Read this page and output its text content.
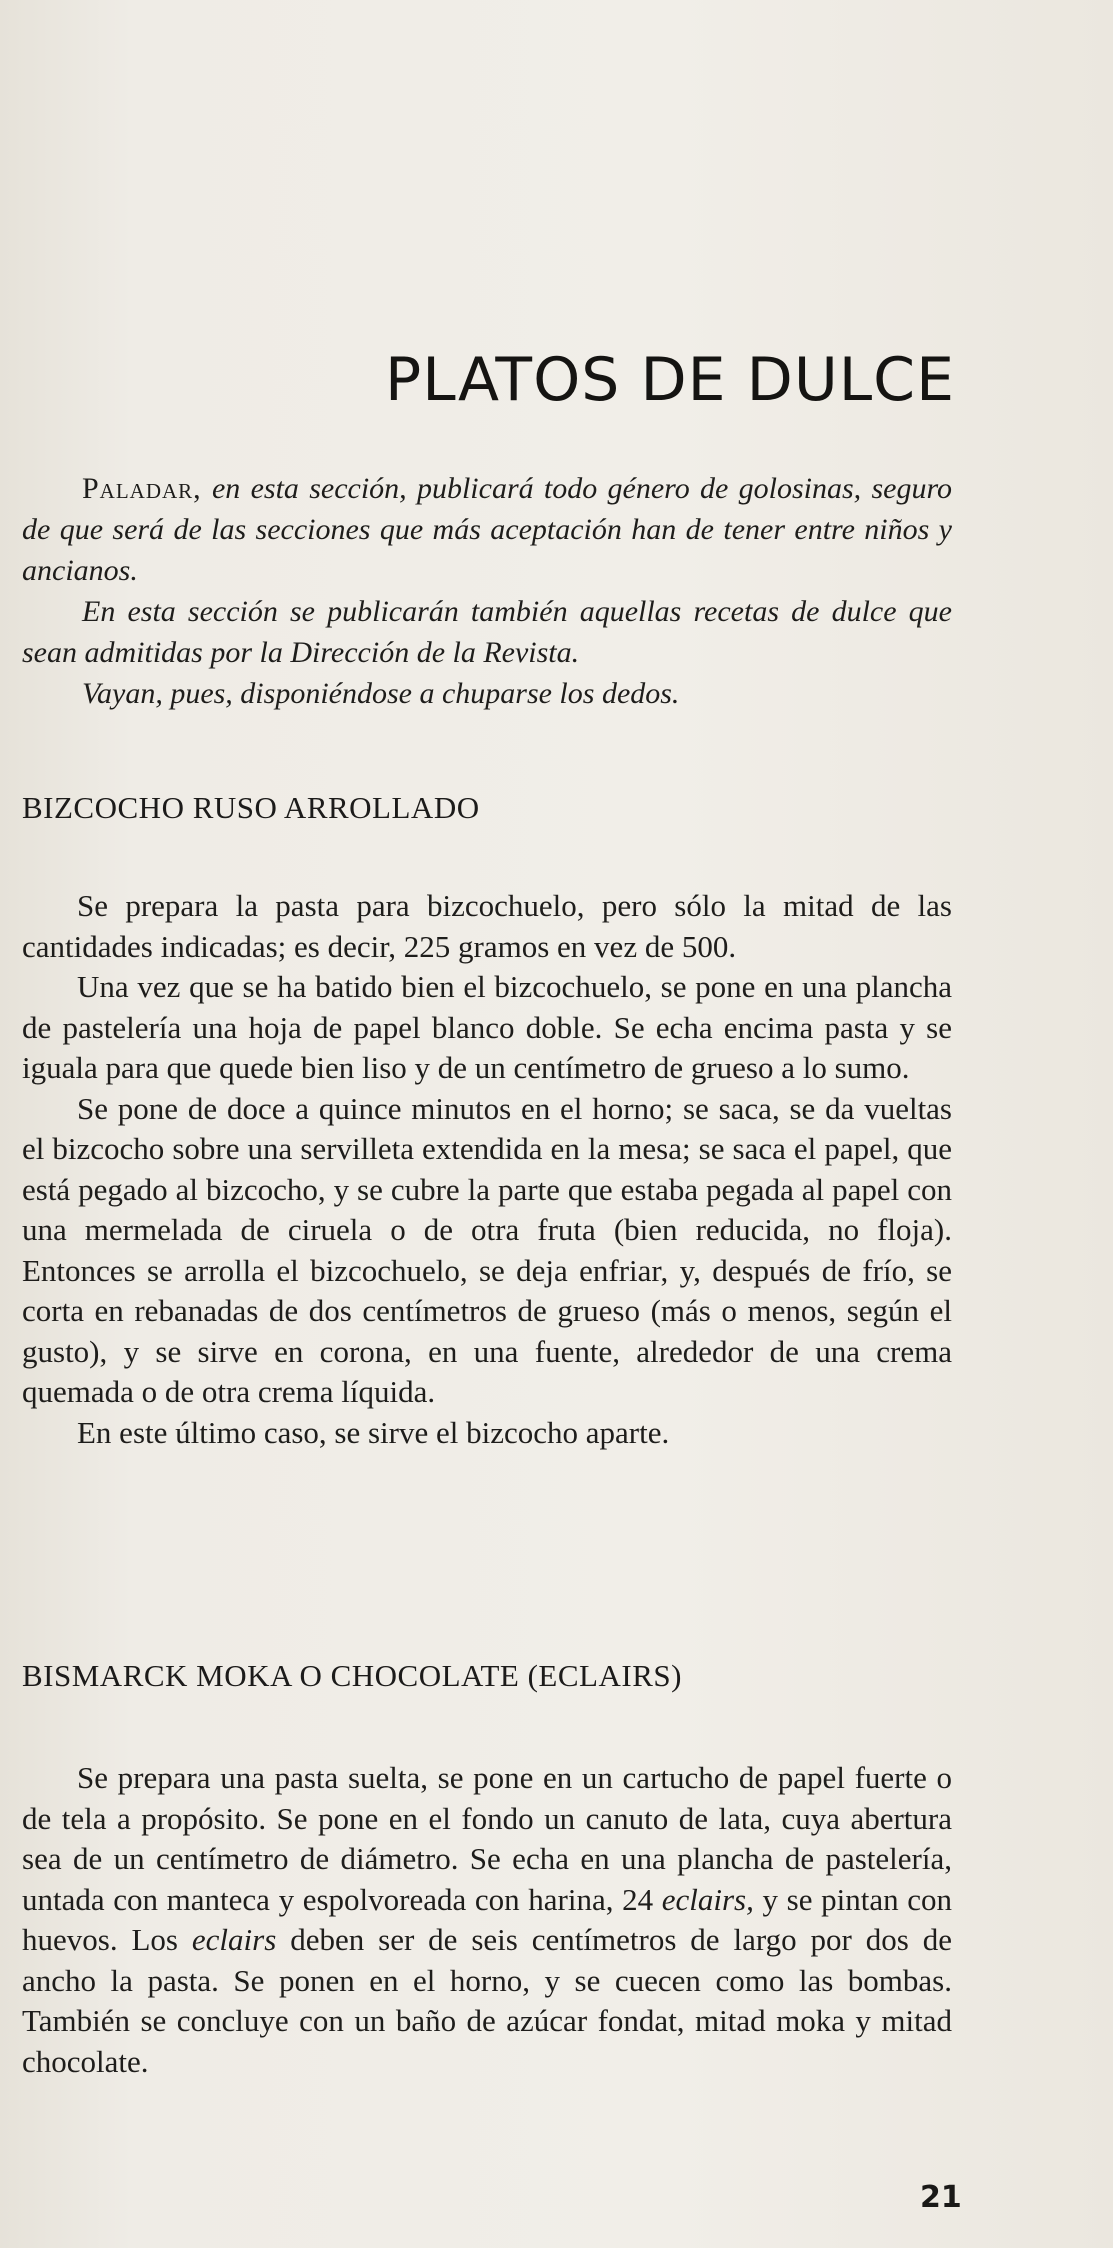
PLATOS DE DULCE

Paladar, en esta sección, publicará todo género de golosinas, seguro de que será de las secciones que más aceptación han de tener entre niños y ancianos.

En esta sección se publicarán también aquellas recetas de dulce que sean admitidas por la Dirección de la Revista.

Vayan, pues, disponiéndose a chuparse los dedos.

BIZCOCHO RUSO ARROLLADO

Se prepara la pasta para bizcochuelo, pero sólo la mitad de las cantidades indicadas; es decir, 225 gramos en vez de 500.

Una vez que se ha batido bien el bizcochuelo, se pone en una plancha de pastelería una hoja de papel blanco doble. Se echa encima pasta y se iguala para que quede bien liso y de un centímetro de grueso a lo sumo.

Se pone de doce a quince minutos en el horno; se saca, se da vueltas el bizcocho sobre una servilleta extendida en la mesa; se saca el papel, que está pegado al bizcocho, y se cubre la parte que estaba pegada al papel con una mermelada de ciruela o de otra fruta (bien reducida, no floja). Entonces se arrolla el bizcochuelo, se deja enfriar, y, después de frío, se corta en rebanadas de dos centímetros de grueso (más o menos, según el gusto), y se sirve en corona, en una fuente, alrededor de una crema quemada o de otra crema líquida.

En este último caso, se sirve el bizcocho aparte.

BISMARCK MOKA O CHOCOLATE (ECLAIRS)

Se prepara una pasta suelta, se pone en un cartucho de papel fuerte o de tela a propósito. Se pone en el fondo un canuto de lata, cuya abertura sea de un centímetro de diámetro. Se echa en una plancha de pastelería, untada con manteca y espolvoreada con harina, 24 eclairs, y se pintan con huevos. Los eclairs deben ser de seis centímetros de largo por dos de ancho la pasta. Se ponen en el horno, y se cuecen como las bombas. También se concluye con un baño de azúcar fondat, mitad moka y mitad chocolate.

21
